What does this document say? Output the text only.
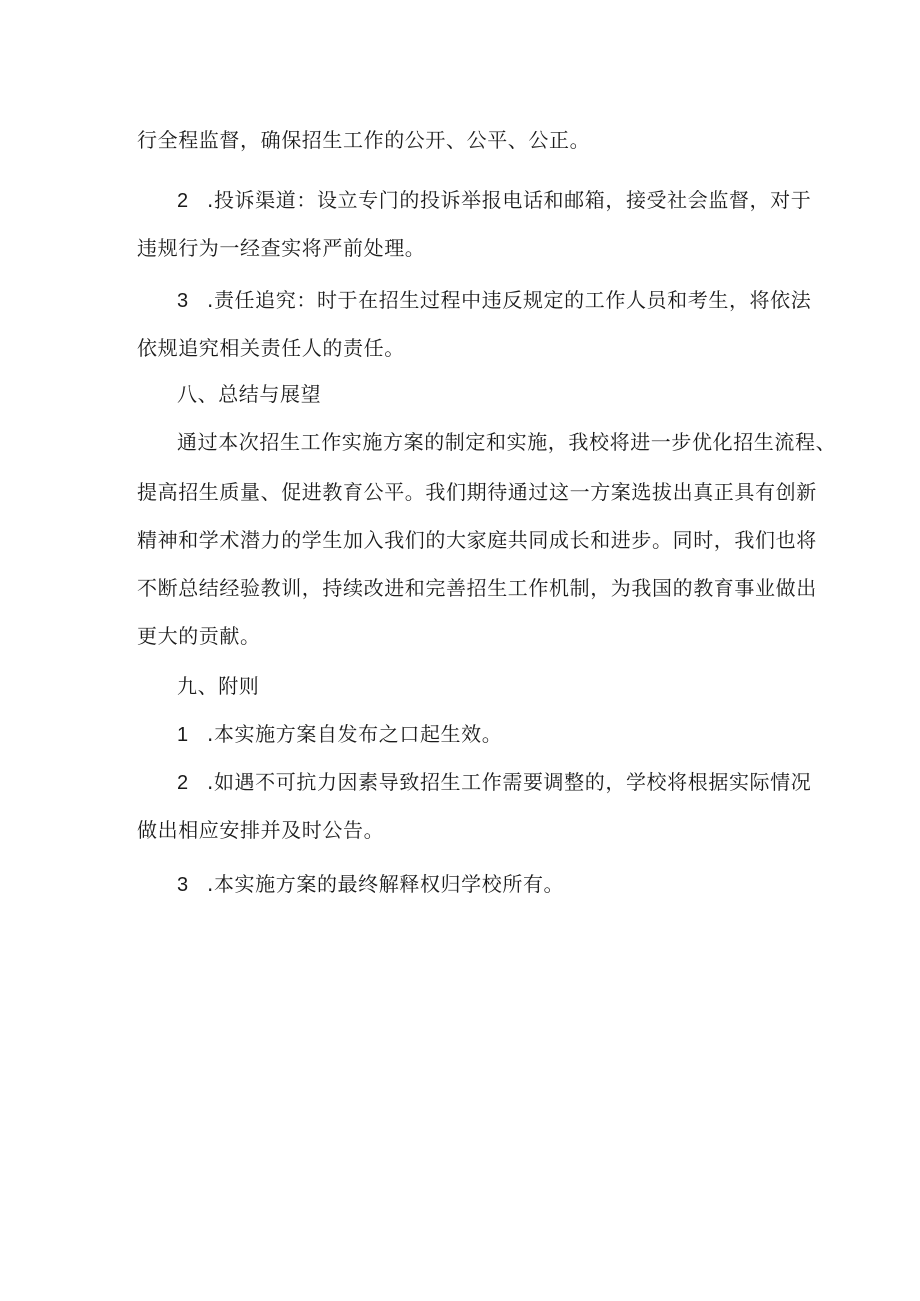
行全程监督，确保招生工作的公开、公平、公正。
2 .投诉渠道：设立专门的投诉举报电话和邮箱，接受社会监督，对于
违规行为一经查实将严前处理。
3 .责任追究：时于在招生过程中违反规定的工作人员和考生，将依法
依规追究相关责任人的责任。
八、总结与展望
通过本次招生工作实施方案的制定和实施，我校将进一步优化招生流程、
提高招生质量、促进教育公平。我们期待通过这一方案选拔出真正具有创新
精神和学术潜力的学生加入我们的大家庭共同成长和进步。同时，我们也将
不断总结经验教训，持续改进和完善招生工作机制，为我国的教育事业做出
更大的贡献。
九、附则
1 .本实施方案自发布之口起生效。
2 .如遇不可抗力因素导致招生工作需要调整的，学校将根据实际情况
做出相应安排并及时公告。
3 .本实施方案的最终解释权归学校所有。
